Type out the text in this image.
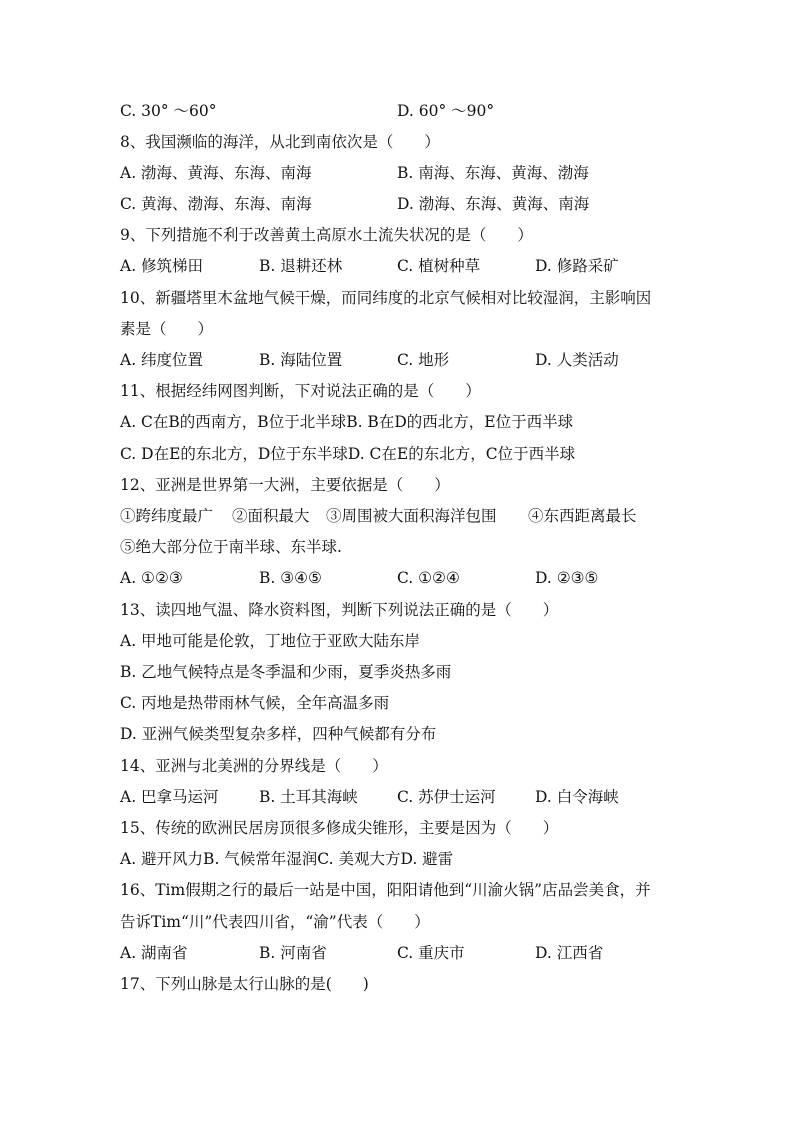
C. 30° ～60°	D. 60° ～90°
8、我国濒临的海洋，从北到南依次是（　　）
A. 渤海、黄海、东海、南海	B. 南海、东海、黄海、渤海
C. 黄海、渤海、东海、南海	D. 渤海、东海、黄海、南海
9、下列措施不利于改善黄土高原水土流失状况的是（　　）
A. 修筑梯田	B. 退耕还林	C. 植树种草	D. 修路采矿
10、新疆塔里木盆地气候干燥，而同纬度的北京气候相对比较湿润，主影响因
素是（　　）
A. 纬度位置	B. 海陆位置	C. 地形	D. 人类活动
11、根据经纬网图判断，下对说法正确的是（　　）
A. C在B的西南方，B位于北半球B. B在D的西北方，E位于西半球
C. D在E的东北方，D位于东半球D. C在E的东北方，C位于西半球
12、亚洲是世界第一大洲，主要依据是（　　）
①跨纬度最广 ②面积最大 ③周围被大面积海洋包围 ④东西距离最长
⑤绝大部分位于南半球、东半球.
A. ①②③	B. ③④⑤	C. ①②④	D. ②③⑤
13、读四地气温、降水资料图，判断下列说法正确的是（　　）
A. 甲地可能是伦敦，丁地位于亚欧大陆东岸
B. 乙地气候特点是冬季温和少雨，夏季炎热多雨
C. 丙地是热带雨林气候，全年高温多雨
D. 亚洲气候类型复杂多样，四种气候都有分布
14、亚洲与北美洲的分界线是（　　）
A. 巴拿马运河	B. 土耳其海峡	C. 苏伊士运河	D. 白令海峡
15、传统的欧洲民居房顶很多修成尖锥形，主要是因为（　　）
A. 避开风力B. 气候常年湿润C. 美观大方D. 避雷
16、Tim假期之行的最后一站是中国，阳阳请他到“川渝火锅”店品尝美食，并
告诉Tim“川”代表四川省，“渝”代表（　　）
A. 湖南省	B. 河南省	C. 重庆市	D. 江西省
17、下列山脉是太行山脉的是(　　)
